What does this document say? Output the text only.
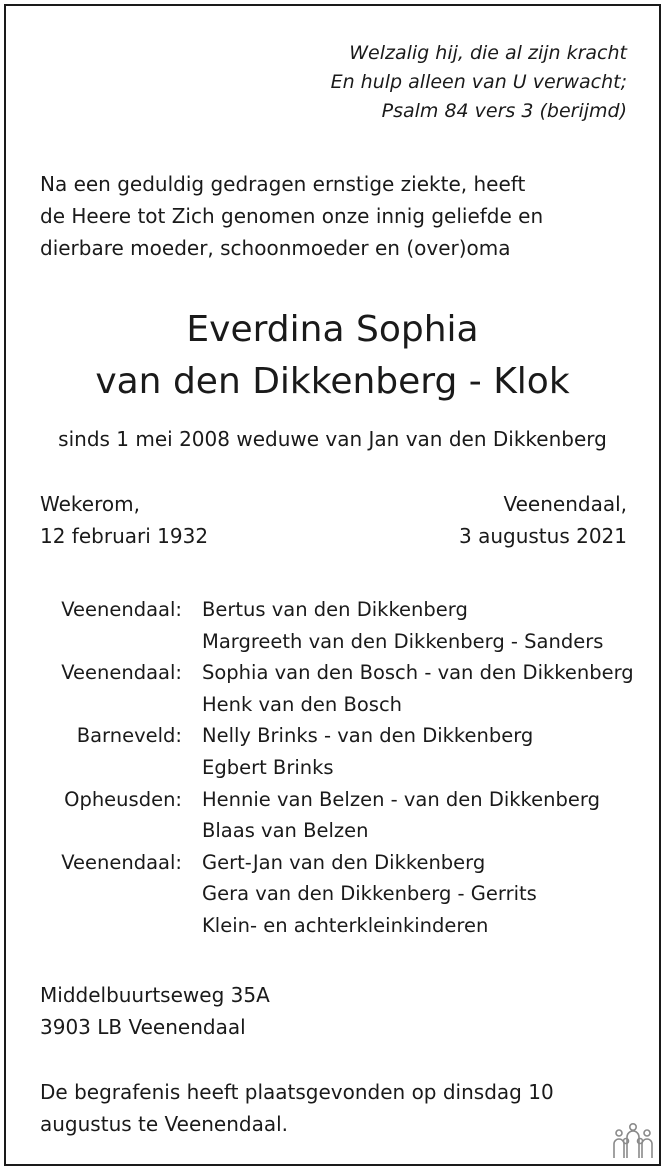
Welzalig hij, die al zijn kracht
En hulp alleen van U verwacht;
Psalm 84 vers 3 (berijmd)
Na een geduldig gedragen ernstige ziekte, heeft
de Heere tot Zich genomen onze innig geliefde en
dierbare moeder, schoonmoeder en (over)oma
Everdina Sophia
van den Dikkenberg - Klok
sinds 1 mei 2008 weduwe van Jan van den Dikkenberg
Wekerom,
12 februari 1932
Veenendaal,
3 augustus 2021
Veenendaal: Bertus van den Dikkenberg
Margreeth van den Dikkenberg - Sanders
Veenendaal: Sophia van den Bosch - van den Dikkenberg
Henk van den Bosch
Barneveld: Nelly Brinks - van den Dikkenberg
Egbert Brinks
Opheusden: Hennie van Belzen - van den Dikkenberg
Blaas van Belzen
Veenendaal: Gert-Jan van den Dikkenberg
Gera van den Dikkenberg - Gerrits
Klein- en achterkleinkinderen
Middelbuurtseweg 35A
3903 LB Veenendaal
De begrafenis heeft plaatsgevonden op dinsdag 10
augustus te Veenendaal.
